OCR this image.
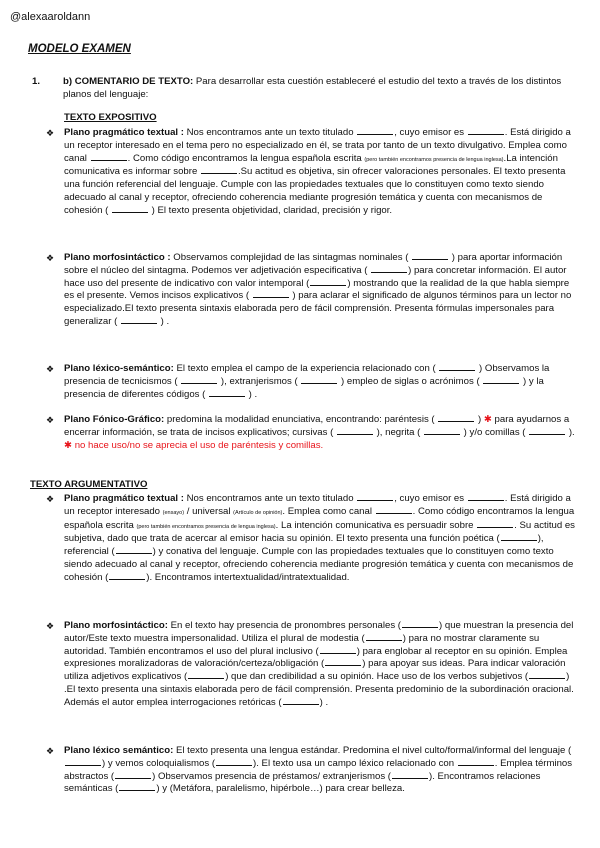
@alexaaroldann
MODELO EXAMEN
1. b) COMENTARIO DE TEXTO: Para desarrollar esta cuestión estableceré el estudio del texto a través de los distintos planos del lenguaje:
TEXTO EXPOSITIVO
❖ Plano pragmático textual : Nos encontramos ante un texto titulado	, cuyo emisor es	. Está dirigido a un receptor interesado en el tema pero no especializado en él, se trata por tanto de un texto divulgativo. Emplea como canal	. Como código encontramos la lengua española escrita (pero también encontramos presencia de lengua inglesa).La intención comunicativa es informar sobre	.Su actitud es objetiva, sin ofrecer valoraciones personales. El texto presenta una función referencial del lenguaje. Cumple con las propiedades textuales que lo constituyen como texto siendo adecuado al canal y receptor, ofreciendo coherencia mediante progresión temática y cuenta con mecanismos de cohesión (	) El texto presenta objetividad, claridad, precisión y rigor.
❖ Plano morfosintáctico : Observamos complejidad de las sintagmas nominales (	) para aportar información sobre el núcleo del sintagma. Podemos ver adjetivación especificativa (	) para concretar información. El autor hace uso del presente de indicativo con valor intemporal (	) mostrando que la realidad de la que habla siempre es el presente. Vemos incisos explicativos (	) para aclarar el significado de algunos términos para un lector no especializado.El texto presenta sintaxis elaborada pero de fácil comprensión. Presenta fórmulas impersonales para generalizar (	) .
❖ Plano léxico-semántico: El texto emplea el campo de la experiencia relacionado con (	) Observamos la presencia de tecnicismos (	), extranjerismos (	) empleo de siglas o acrónimos (	) y la presencia de diferentes códigos (	) .
❖ Plano Fónico-Gráfico: predomina la modalidad enunciativa, encontrando: paréntesis (	) ✱ para ayudarnos a encerrar información, se trata de incisos explicativos; cursivas (	), negrita (	) y/o comillas (	).
✱ no hace uso/no se aprecia el uso de paréntesis y comillas.
TEXTO ARGUMENTATIVO
❖ Plano pragmático textual : Nos encontramos ante un texto titulado	, cuyo emisor es	. Está dirigido a un receptor interesado (ensayo) / universal (Artículo de opinión). Emplea como canal	. Como código encontramos la lengua española escrita (pero también encontramos presencia de lengua inglesa). La intención comunicativa es persuadir sobre	. Su actitud es subjetiva, dado que trata de acercar al emisor hacia su opinión. El texto presenta una función poética (	), referencial (	) y conativa del lenguaje. Cumple con las propiedades textuales que lo constituyen como texto siendo adecuado al canal y receptor, ofreciendo coherencia mediante progresión temática y cuenta con mecanismos de cohesión (	). Encontramos intertextualidad/intratextualidad.
❖ Plano morfosintáctico: En el texto hay presencia de pronombres personales (	) que muestran la presencia del autor/Este texto muestra impersonalidad. Utiliza el plural de modestia (	) para no mostrar claramente su autoridad. También encontramos el uso del plural inclusivo (	) para englobar al receptor en su opinión. Emplea expresiones moralizadoras de valoración/certeza/obligación (	) para apoyar sus ideas. Para indicar valoración utiliza adjetivos explicativos (	) que dan credibilidad a su opinión. Hace uso de los verbos subjetivos (	) .El texto presenta una sintaxis elaborada pero de fácil comprensión. Presenta predominio de la subordinación oracional. Además el autor emplea interrogaciones retóricas (	) .
❖ Plano léxico semántico: El texto presenta una lengua estándar. Predomina el nivel culto/formal/informal del lenguaje () y vemos coloquialismos (	). El texto usa un campo léxico relacionado con	. Emplea términos abstractos (	) Observamos presencia de préstamos/ extranjerismos (	). Encontramos relaciones semánticas (	) y (Metáfora, paralelismo, hipérbole…) para crear belleza.
